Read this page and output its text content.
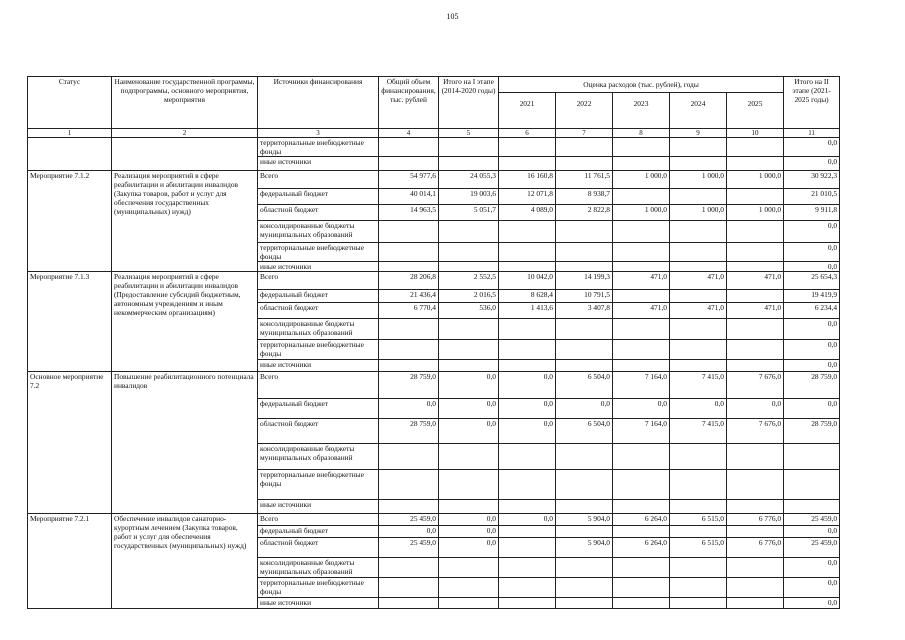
105
Статус	Наименование государственной программы, подпрограммы, основного мероприятия, мероприятия	Источники финансирования	Общий объем финансирования, тыс. рублей	Итого на I этапе (2014-2020 годы)	Оценка расходов (тыс. рублей), годы					Итого на II этапе (2021-2025 годы)
					2021	2022	2023	2024	2025	
1	2	3	4	5	6	7	8	9	10	11
		территориальные внебюджетные фонды								0,0
		иные источники								0,0
Мероприятие 7.1.2	Реализация мероприятий в сфере реабилитации и абилитации инвалидов (Закупка товаров, работ и услуг для обеспечения государственных (муниципальных) нужд)	Всего	54 977,6	24 055,3	16 160,8	11 761,5	1 000,0	1 000,0	1 000,0	30 922,3
		федеральный бюджет	40 014,1	19 003,6	12 071,8	8 938,7				21 010,5
		областной бюджет	14 963,5	5 051,7	4 089,0	2 822,8	1 000,0	1 000,0	1 000,0	9 911,8
		консолидированные бюджеты муниципальных образований								0,0
		территориальные внебюджетные фонды								0,0
		иные источники								0,0
Мероприятие 7.1.3	Реализация мероприятий в сфере реабилитации и абилитации инвалидов (Предоставление субсидий бюджетным, автономным учреждениям и иным некоммерческим организациям)	Всего	28 206,8	2 552,5	10 042,0	14 199,3	471,0	471,0	471,0	25 654,3
		федеральный бюджет	21 436,4	2 016,5	8 628,4	10 791,5				19 419,9
		областной бюджет	6 770,4	536,0	1 413,6	3 407,8	471,0	471,0	471,0	6 234,4
		консолидированные бюджеты муниципальных образований								0,0
		территориальные внебюджетные фонды								0,0
		иные источники								0,0
Основное мероприятие 7.2	Повышение реабилитационного потенциала инвалидов	Всего	28 759,0	0,0	0,0	6 504,0	7 164,0	7 415,0	7 676,0	28 759,0
		федеральный бюджет	0,0	0,0	0,0	0,0	0,0	0,0	0,0	0,0
		областной бюджет	28 759,0	0,0	0,0	6 504,0	7 164,0	7 415,0	7 676,0	28 759,0
		консолидированные бюджеты муниципальных образований								
		территориальные внебюджетные фонды								
		иные источники								
Мероприятие 7.2.1	Обеспечение инвалидов санаторно-курортным лечением (Закупка товаров, работ и услуг для обеспечения государственных (муниципальных) нужд)	Всего	25 459,0	0,0	0,0	5 904,0	6 264,0	6 515,0	6 776,0	25 459,0
		федеральный бюджет	0,0	0,0						0,0
		областной бюджет	25 459,0	0,0		5 904,0	6 264,0	6 515,0	6 776,0	25 459,0
		консолидированные бюджеты муниципальных образований								0,0
		территориальные внебюджетные фонды								0,0
		иные источники								0,0
